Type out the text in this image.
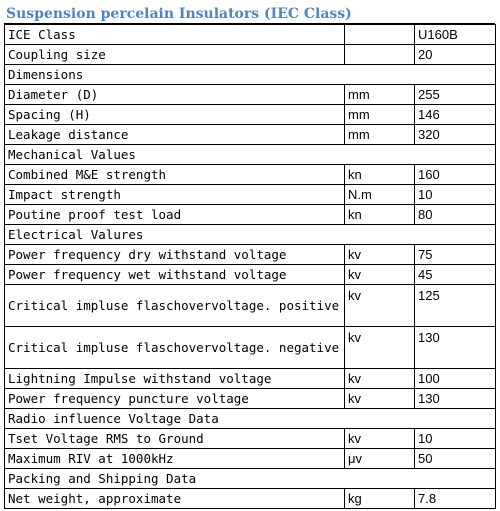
Suspension percelain Insulators (IEC Class)
ICE Class		U160B
Coupling size		20
Dimensions		
Diameter (D)	mm	255
Spacing (H)	mm	146
Leakage distance	mm	320
Mechanical Values		
Combined M&E strength	kn	160
Impact strength	N.m	10
Poutine proof test load	kn	80
Electrical Valures		
Power frequency dry withstand voltage	kv	75
Power frequency wet withstand voltage	kv	45
Critical impluse flaschovervoltage. positive	kv	125
Critical impluse flaschovervoltage. negative	kv	130
Lightning Impulse withstand voltage	kv	100
Power frequency puncture voltage	kv	130
Radio influence Voltage Data		
Tset Voltage RMS to Ground	kv	10
Maximum RIV at 1000kHz	μv	50
Packing and Shipping Data		
Net weight, approximate	kg	7.8
